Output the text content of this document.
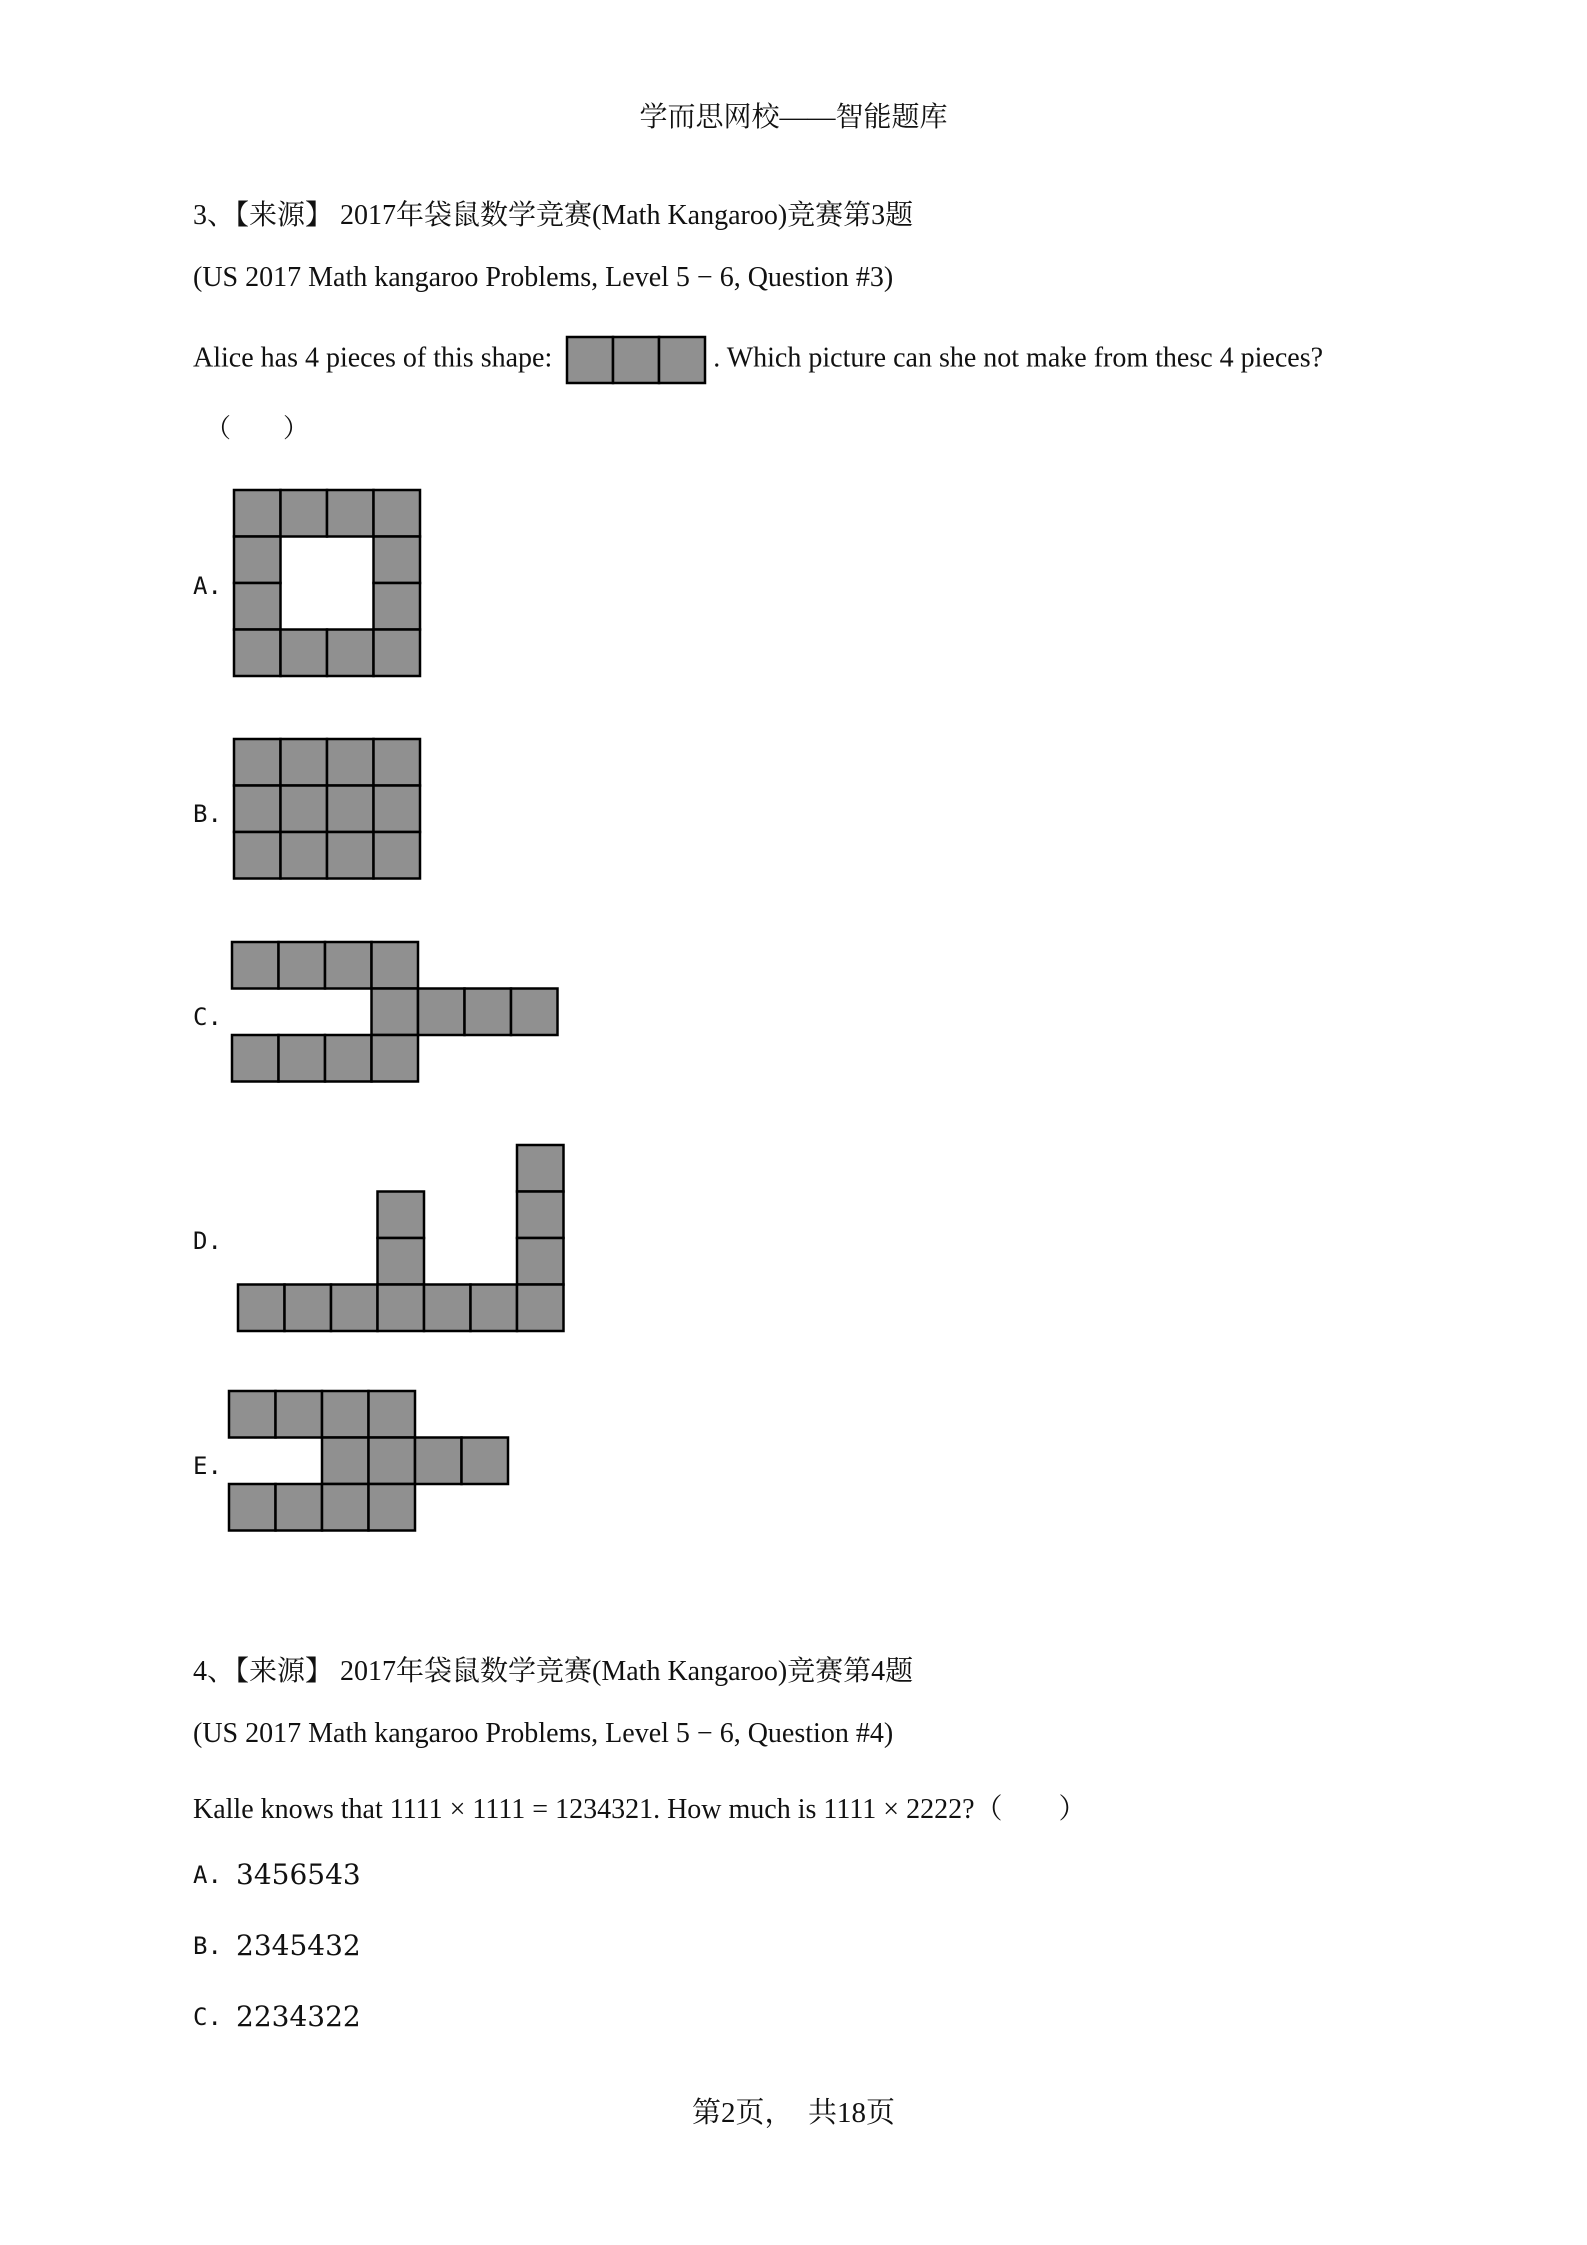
学而思网校——智能题库
3、【来源】 2017年袋鼠数学竞赛(Math Kangaroo)竞赛第3题
(US 2017 Math kangaroo Problems, Level 5 − 6, Question #3)
Alice has 4 pieces of this shape:	. Which picture can she not make from thesc 4 pieces?
（　　）
A.
B.
C.
D.
E.
4、【来源】 2017年袋鼠数学竞赛(Math Kangaroo)竞赛第4题
(US 2017 Math kangaroo Problems, Level 5 − 6, Question #4)
Kalle knows that 1111 × 1111 = 1234321. How much is 1111 × 2222?（　　）
A. 3456543
B. 2345432
C. 2234322
第2页，　共18页
